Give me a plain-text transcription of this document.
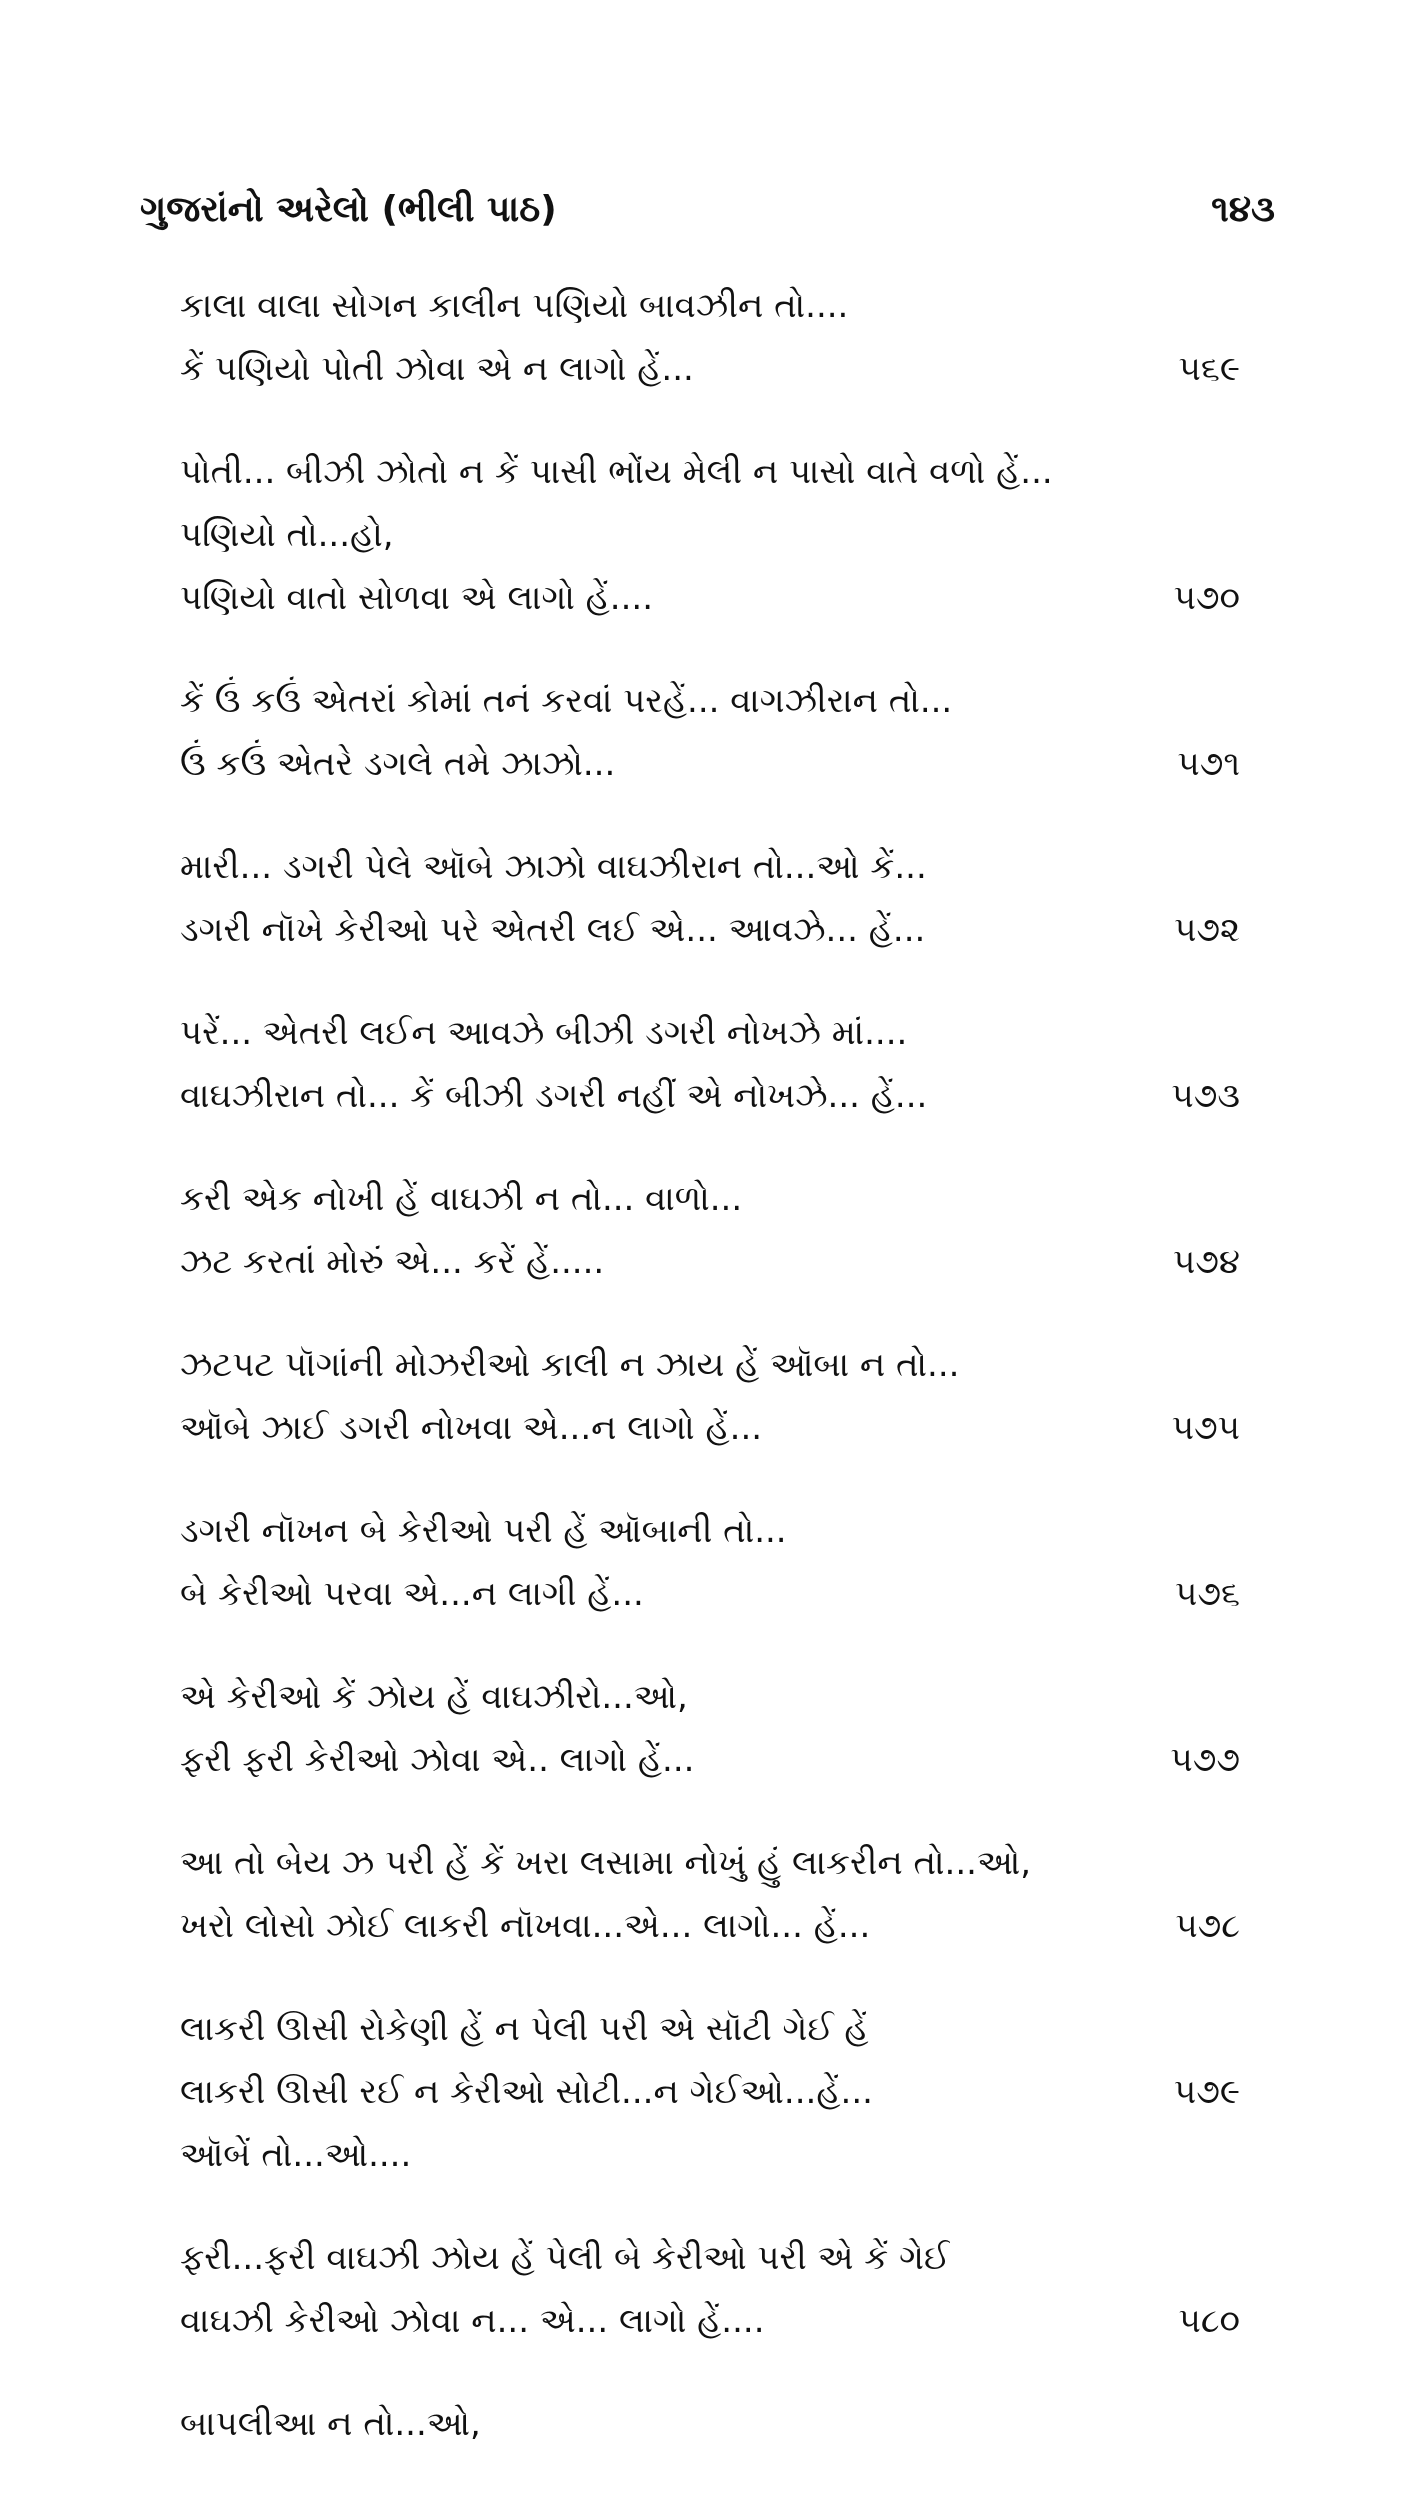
ગુજરાંનો અરેલો (ભીલી પાઠ)	૧૪૩
કાલા વાલા સોગન કાલીન પણિયો બાવઝીન તો....
કેં પણિયો પોતી ઝોવા એ ન લાગો હેં...	૫૬૯
પોતી... બીઝી ઝોતો ન કેં પાસી ભોંય મેલી ન પાસો વાતે વળો હેં...
પણિયો તો...હો,
પણિયો વાતો સોળવા એ લાગો હેં....	૫૭૦
કેં ઉં કઉં એતરાં કોમાં તનં કરવાં પરહેં... વાગઝીરાન તો...
ઉં કઉં એતરે ડગલે તમે ઝાઝો...	૫૭૧
મારી... ડગરી પેલે ઑબે ઝાઝો વાઘઝીરાન તો...ઓ કેં...
ડગરી નૉખે કેરીઓ પરે એતરી લઈ એ... આવઝે... હેં...	૫૭૨
પરેં... એતરી લઈન આવઝે બીઝી ડગરી નોખઝે માં....
વાઘઝીરાન તો... કેં બીઝી ડગરી નહીં એ નોખઝે... હેં...	૫૭૩
કરી એક નોખી હેં વાઘઝી ન તો... વાળો...
ઝટ કરતાં મોરું એ... કરેં હેં.....	૫૭૪
ઝટપટ પૉગાંની મોઝરીઓ કાલી ન ઝાય હેં ઑબા ન તો...
ઑબે ઝાઈ ડગરી નોખવા એ...ન લાગો હેં...	૫૭૫
ડગરી નૉખન બે કેરીઓ પરી હેં ઑબાની તો...
બે કેરીઓ પરવા એ...ન લાગી હેં...	૫૭૬
એ કેરીઓ કેં ઝોય હેં વાઘઝીરો...ઓ,
ફરી ફરી કેરીઓ ઝોવા એ.. લાગો હેં...	૫૭૭
આ તો બેય ઝ પરી હેં કેં ખરા લસામા નોખું હું લાકરીન તો...ઓ,
ખરો લોસો ઝોઈ લાકરી નૉખવા...એ... લાગો... હેં...	૫૭૮
લાકરી ઊસી રોકેણી હેં ન પેલી પરી એ સૉટી ગેઈ હેં
લાકરી ઊસી રઈ ન કેરીઓ સોટી...ન ગેઈઓ...હેં...	૫૭૯
ઑબેં તો...ઓ....
ફરી...ફરી વાઘઝી ઝોય હેં પેલી બે કેરીઓ પરી એ કેં ગેઈ
વાઘઝી કેરીઓ ઝોવા ન... એ... લાગો હેં....	૫૮૦
બાપલીઆ ન તો...ઓ,
